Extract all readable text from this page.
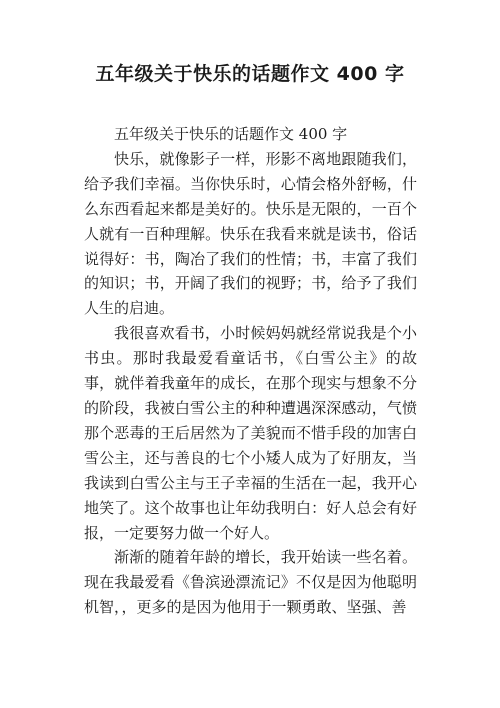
五年级关于快乐的话题作文 400 字

五年级关于快乐的话题作文 400 字

快乐，就像影子一样，形影不离地跟随我们，给予我们幸福。当你快乐时，心情会格外舒畅，什么东西看起来都是美好的。快乐是无限的，一百个人就有一百种理解。快乐在我看来就是读书，俗话说得好：书，陶冶了我们的性情；书，丰富了我们的知识；书，开阔了我们的视野；书，给予了我们人生的启迪。

我很喜欢看书，小时候妈妈就经常说我是个小书虫。那时我最爱看童话书，《白雪公主》的故事，就伴着我童年的成长，在那个现实与想象不分的阶段，我被白雪公主的种种遭遇深深感动，气愤那个恶毒的王后居然为了美貌而不惜手段的加害白雪公主，还与善良的七个小矮人成为了好朋友，当我读到白雪公主与王子幸福的生活在一起，我开心地笑了。这个故事也让年幼我明白：好人总会有好报，一定要努力做一个好人。

渐渐的随着年龄的增长，我开始读一些名着。现在我最爱看《鲁滨逊漂流记》不仅是因为他聪明机智，，更多的是因为他用于一颗勇敢、坚强、善
